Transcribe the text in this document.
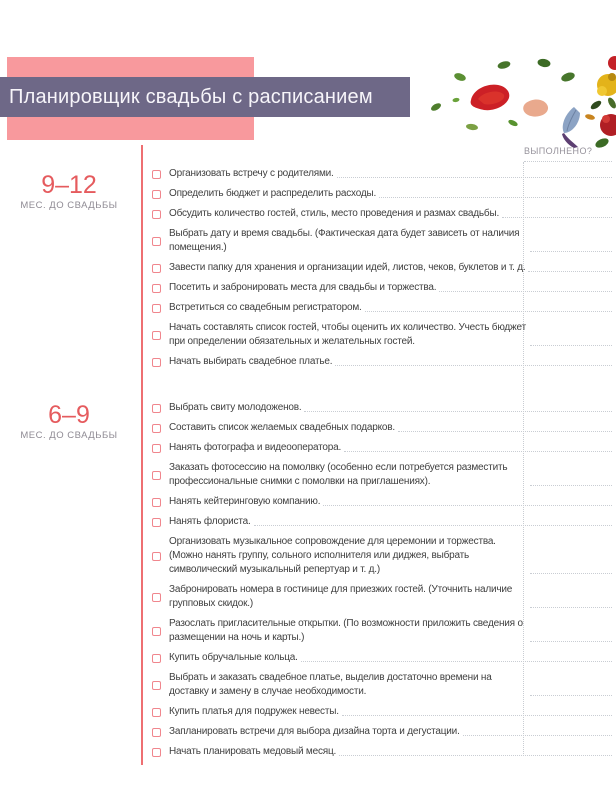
Планировщик свадьбы с расписанием
ВЫПОЛНЕНО?
9–12
МЕС. ДО СВАДЬБЫ
6–9
МЕС. ДО СВАДЬБЫ
Организовать встречу с родителями.
Определить бюджет и распределить расходы.
Обсудить количество гостей, стиль, место проведения и размах свадьбы.
Выбрать дату и время свадьбы. (Фактическая дата будет зависеть от наличия помещения.)
Завести папку для хранения и организации идей, листов, чеков, буклетов и т. д.
Посетить и забронировать места для свадьбы и торжества.
Встретиться со свадебным регистратором.
Начать составлять список гостей, чтобы оценить их количество. Учесть бюджет при определении обязательных и желательных гостей.
Начать выбирать свадебное платье.
Выбрать свиту молодоженов.
Составить список желаемых свадебных подарков.
Нанять фотографа и видеооператора.
Заказать фотосессию на помолвку (особенно если потребуется разместить профессиональные снимки с помолвки на приглашениях).
Нанять кейтеринговую компанию.
Нанять флориста.
Организовать музыкальное сопровождение для церемонии и торжества. (Можно нанять группу, сольного исполнителя или диджея, выбрать символический музыкальный репертуар и т. д.)
Забронировать номера в гостинице для приезжих гостей. (Уточнить наличие групповых скидок.)
Разослать пригласительные открытки. (По возможности приложить сведения о размещении на ночь и карты.)
Купить обручальные кольца.
Выбрать и заказать свадебное платье, выделив достаточно времени на доставку и замену в случае необходимости.
Купить платья для подружек невесты.
Запланировать встречи для выбора дизайна торта и дегустации.
Начать планировать медовый месяц.
